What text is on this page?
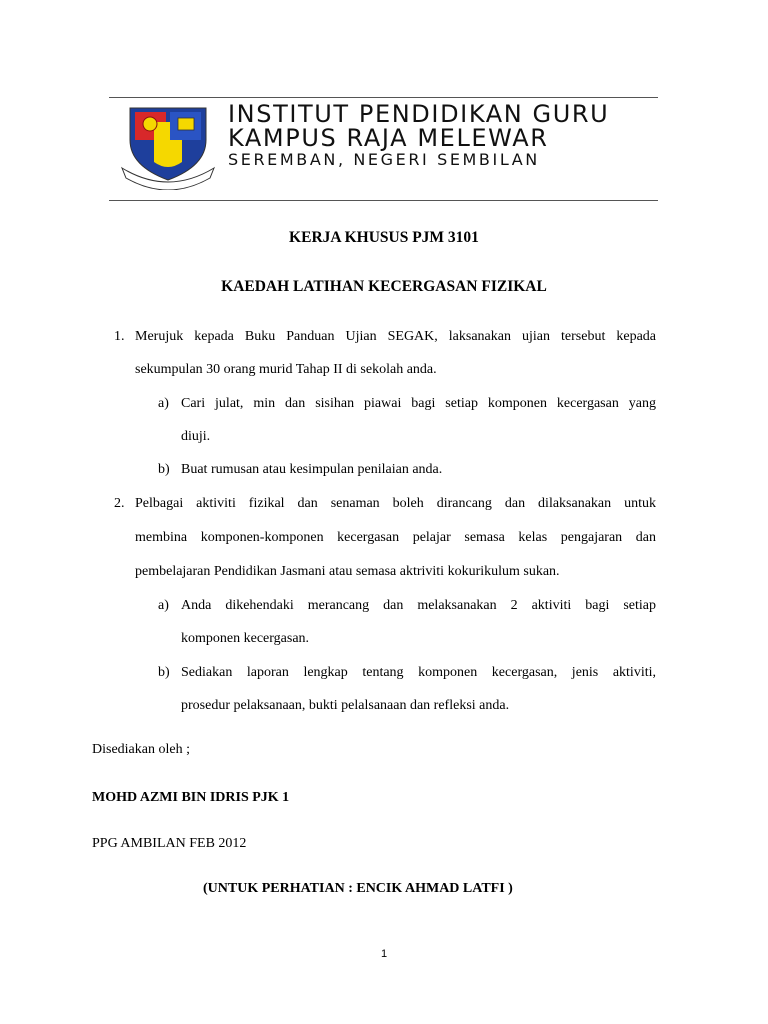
INSTITUT PENDIDIKAN GURU
KAMPUS RAJA MELEWAR
SEREMBAN, NEGERI SEMBILAN
KERJA KHUSUS PJM 3101
KAEDAH LATIHAN KECERGASAN FIZIKAL
1. Merujuk kepada Buku Panduan Ujian SEGAK, laksanakan ujian tersebut kepada
sekumpulan 30 orang murid Tahap II di sekolah anda.
a) Cari julat, min dan sisihan piawai bagi setiap komponen kecergasan yang
diuji.
b) Buat rumusan atau kesimpulan penilaian anda.
2. Pelbagai aktiviti fizikal dan senaman boleh dirancang dan dilaksanakan untuk
membina komponen-komponen kecergasan pelajar semasa kelas pengajaran dan
pembelajaran Pendidikan Jasmani atau semasa aktriviti kokurikulum sukan.
a) Anda dikehendaki merancang dan melaksanakan 2 aktiviti bagi setiap
komponen kecergasan.
b) Sediakan laporan lengkap tentang komponen kecergasan, jenis aktiviti,
prosedur pelaksanaan, bukti pelalsanaan dan refleksi anda.
Disediakan oleh ;
MOHD AZMI BIN IDRIS PJK 1
PPG AMBILAN FEB 2012
(UNTUK PERHATIAN : ENCIK AHMAD LATFI )
1
